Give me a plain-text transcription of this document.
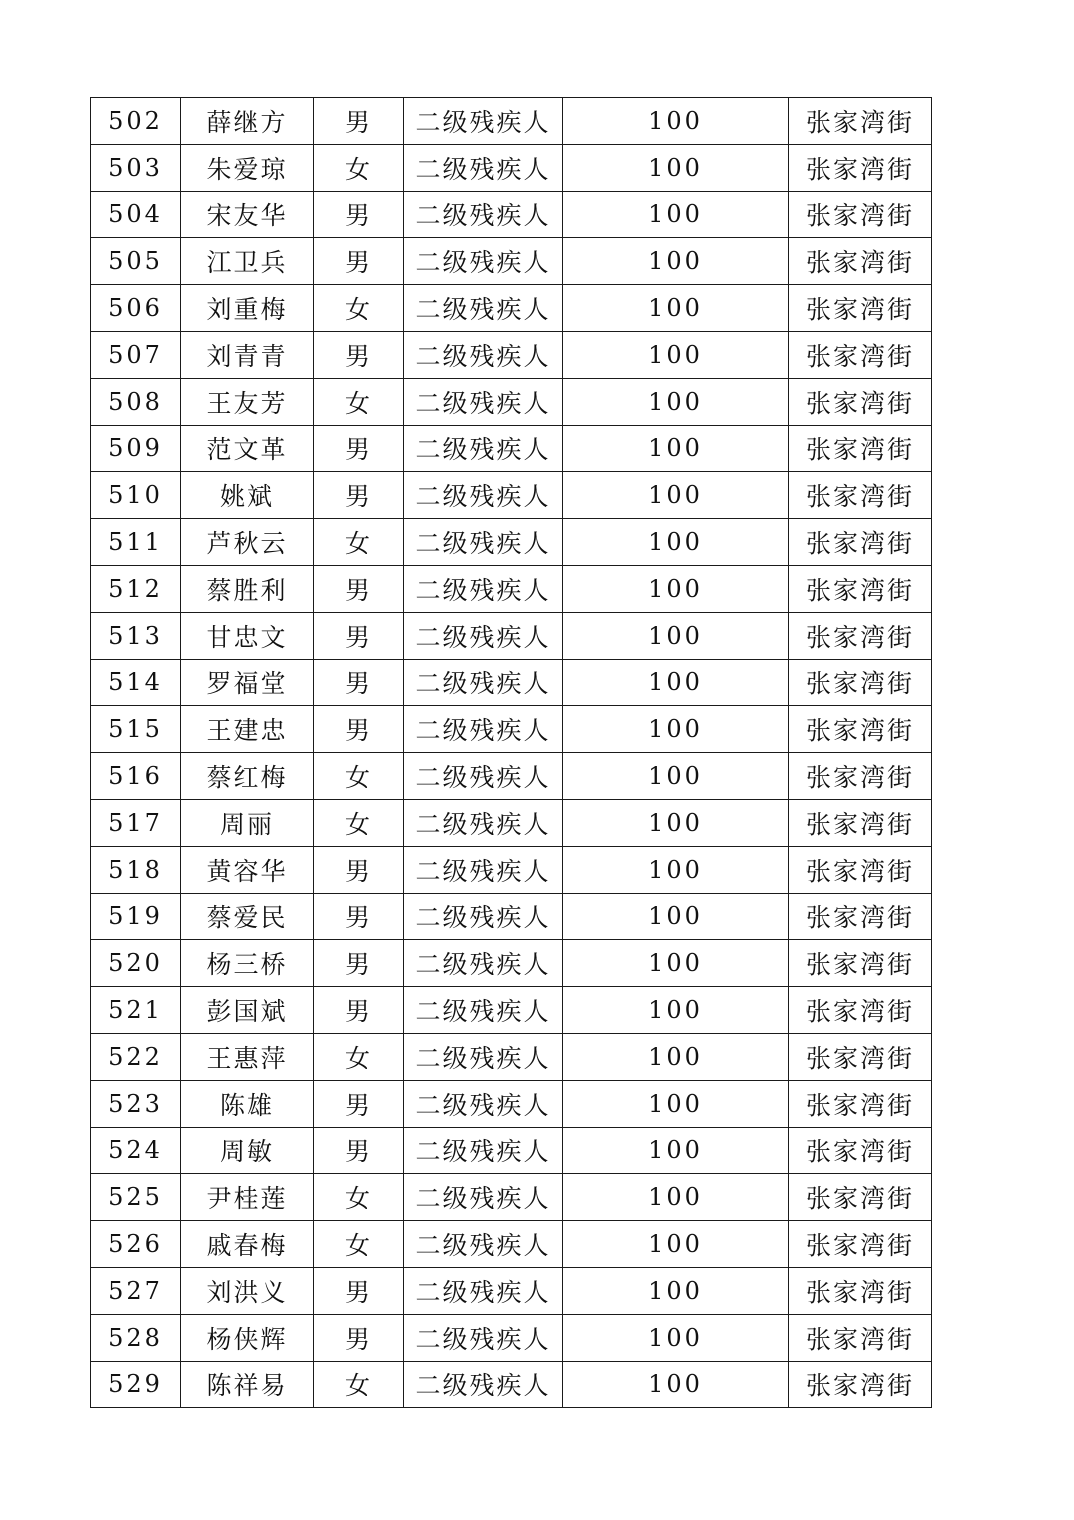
502	薛继方	男	二级残疾人	100	张家湾街
503	朱爱琼	女	二级残疾人	100	张家湾街
504	宋友华	男	二级残疾人	100	张家湾街
505	江卫兵	男	二级残疾人	100	张家湾街
506	刘重梅	女	二级残疾人	100	张家湾街
507	刘青青	男	二级残疾人	100	张家湾街
508	王友芳	女	二级残疾人	100	张家湾街
509	范文革	男	二级残疾人	100	张家湾街
510	姚斌	男	二级残疾人	100	张家湾街
511	芦秋云	女	二级残疾人	100	张家湾街
512	蔡胜利	男	二级残疾人	100	张家湾街
513	甘忠文	男	二级残疾人	100	张家湾街
514	罗福堂	男	二级残疾人	100	张家湾街
515	王建忠	男	二级残疾人	100	张家湾街
516	蔡红梅	女	二级残疾人	100	张家湾街
517	周丽	女	二级残疾人	100	张家湾街
518	黄容华	男	二级残疾人	100	张家湾街
519	蔡爱民	男	二级残疾人	100	张家湾街
520	杨三桥	男	二级残疾人	100	张家湾街
521	彭国斌	男	二级残疾人	100	张家湾街
522	王惠萍	女	二级残疾人	100	张家湾街
523	陈雄	男	二级残疾人	100	张家湾街
524	周敏	男	二级残疾人	100	张家湾街
525	尹桂莲	女	二级残疾人	100	张家湾街
526	戚春梅	女	二级残疾人	100	张家湾街
527	刘洪义	男	二级残疾人	100	张家湾街
528	杨侠辉	男	二级残疾人	100	张家湾街
529	陈祥易	女	二级残疾人	100	张家湾街
